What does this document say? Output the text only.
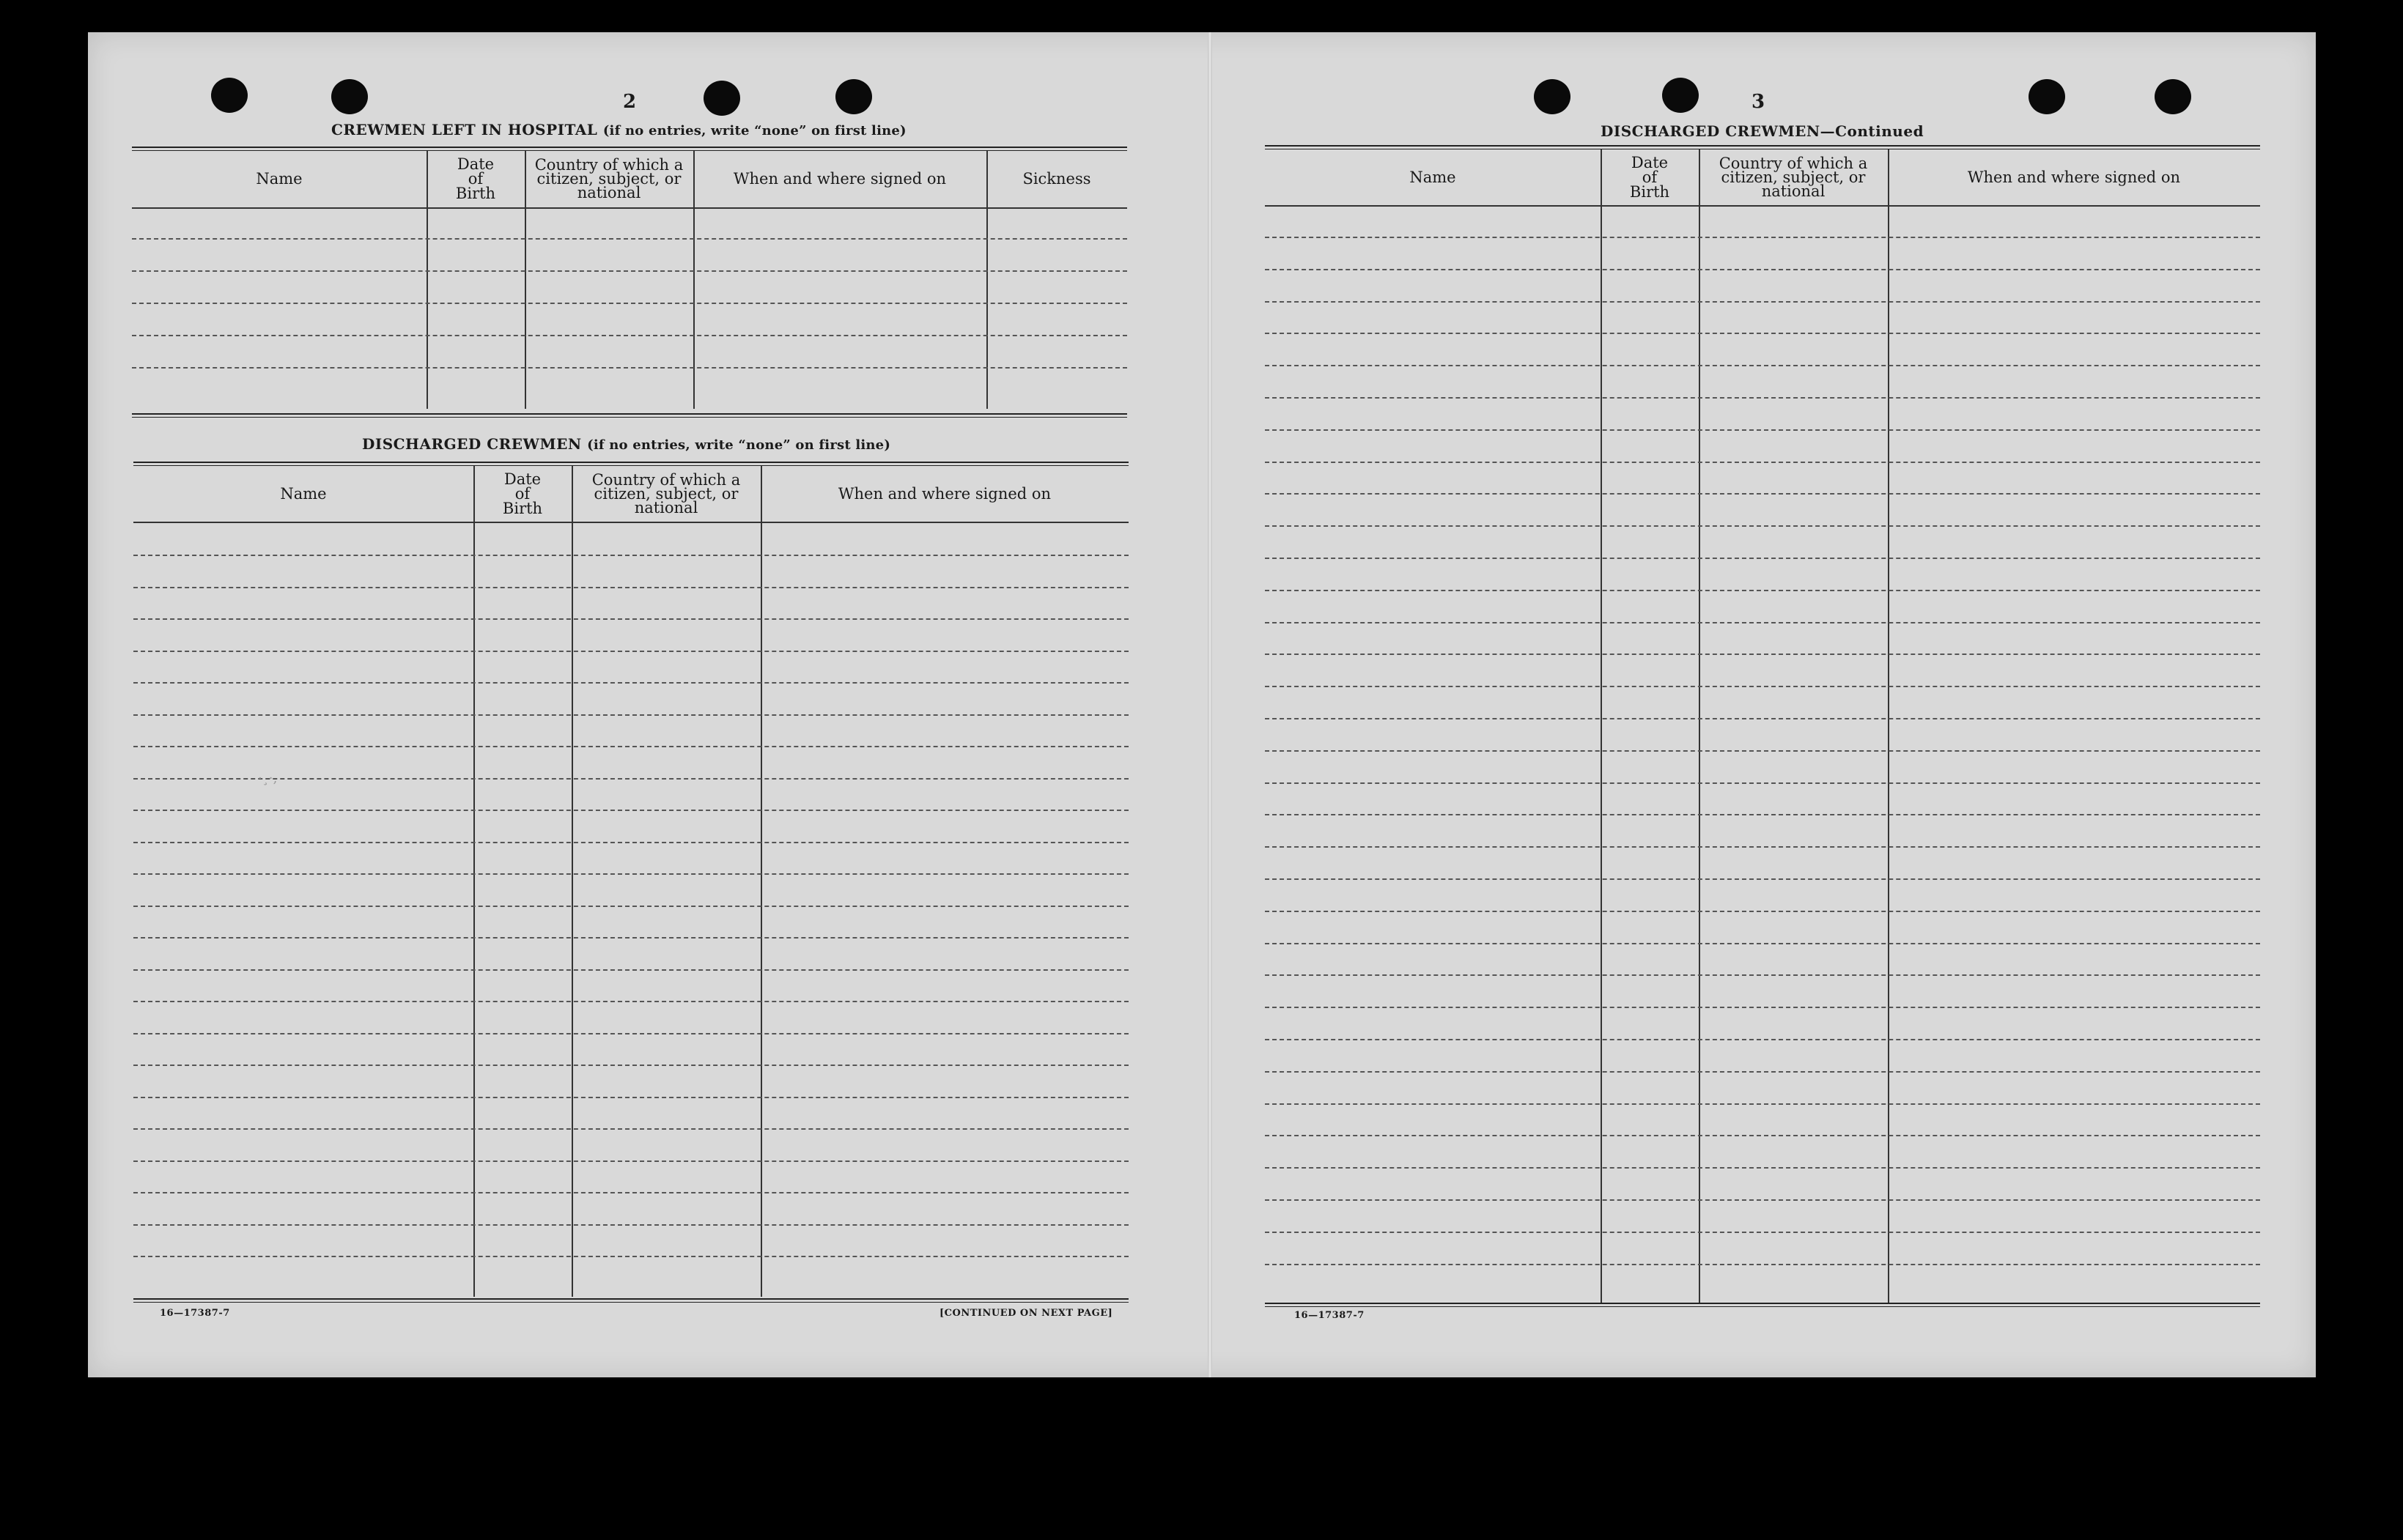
2
CREWMEN LEFT IN HOSPITAL (if no entries, write “none” on first line)
Name
Date
of
Birth
Country of which a
citizen, subject, or
national
When and where signed on	Sickness
DISCHARGED CREWMEN (if no entries, write “none” on first line)
Name
Date
of
Birth
Country of which a
citizen, subject, or
national
When and where signed on
·¸·‚
16—17387-7	[CONTINUED ON NEXT PAGE]
3
DISCHARGED CREWMEN—Continued
Name
Date
of
Birth
Country of which a
citizen, subject, or
national
When and where signed on
16—17387-7
